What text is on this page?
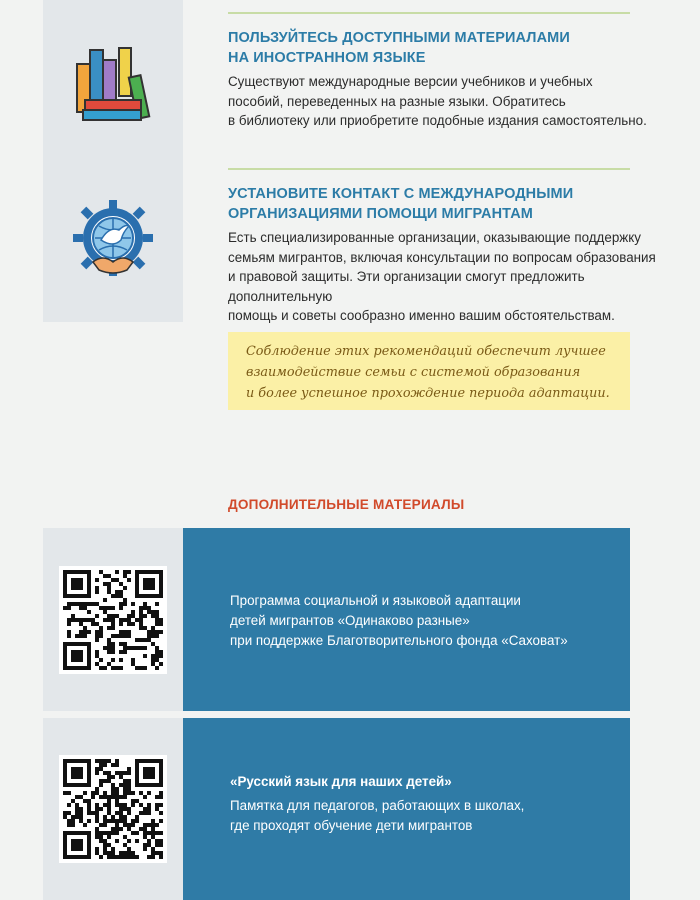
ПОЛЬЗУЙТЕСЬ ДОСТУПНЫМИ МАТЕРИАЛАМИ
НА ИНОСТРАННОМ ЯЗЫКЕ

Существуют международные версии учебников и учебных
пособий, переведенных на разные языки. Обратитесь
в библиотеку или приобретите подобные издания самостоятельно.

УСТАНОВИТЕ КОНТАКТ С МЕЖДУНАРОДНЫМИ
ОРГАНИЗАЦИЯМИ ПОМОЩИ МИГРАНТАМ

Есть специализированные организации, оказывающие поддержку
семьям мигрантов, включая консультации по вопросам образования
и правовой защиты. Эти организации смогут предложить дополнительную
помощь и советы сообразно именно вашим обстоятельствам.

Соблюдение этих рекомендаций обеспечит лучшее
взаимодействие семьи с системой образования
и более успешное прохождение периода адаптации.
ДОПОЛНИТЕЛЬНЫЕ МАТЕРИАЛЫ

Программа социальной и языковой адаптации

детей мигрантов «Одинаково разные»

при поддержке Благотворительного фонда «Саховат»

«Русский язык для наших детей»

Памятка для педагогов, работающих в школах,

где проходят обучение дети мигрантов
